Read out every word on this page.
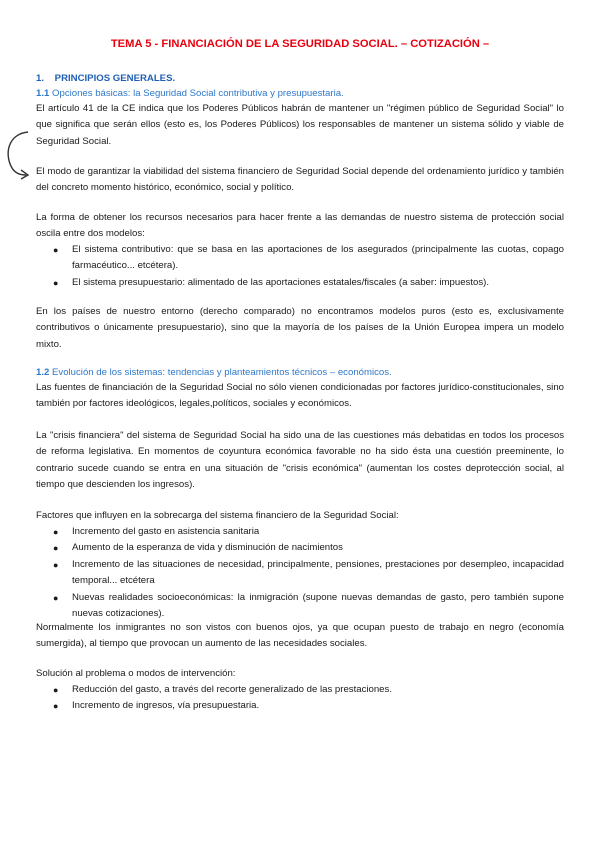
TEMA 5 - FINANCIACIÓN DE LA SEGURIDAD SOCIAL. – COTIZACIÓN –
1. PRINCIPIOS GENERALES.
1.1 Opciones básicas: la Seguridad Social contributiva y presupuestaria.
El artículo 41 de la CE indica que los Poderes Públicos habrán de mantener un "régimen público de Seguridad Social" lo que significa que serán ellos (esto es, los Poderes Públicos) los responsables de mantener un sistema sólido y viable de Seguridad Social.
El modo de garantizar la viabilidad del sistema financiero de Seguridad Social depende del ordenamiento jurídico y también del concreto momento histórico, económico, social y político.
La forma de obtener los recursos necesarios para hacer frente a las demandas de nuestro sistema de protección social oscila entre dos modelos:
● El sistema contributivo: que se basa en las aportaciones de los asegurados (principalmente las cuotas, copago farmacéutico... etcétera).
● El sistema presupuestario: alimentado de las aportaciones estatales/fiscales (a saber: impuestos).
En los países de nuestro entorno (derecho comparado) no encontramos modelos puros (esto es, exclusivamente contributivos o únicamente presupuestario), sino que la mayoría de los países de la Unión Europea impera un modelo mixto.
1.2 Evolución de los sistemas: tendencias y planteamientos técnicos – económicos.
Las fuentes de financiación de la Seguridad Social no sólo vienen condicionadas por factores jurídico-constitucionales, sino también por factores ideológicos, legales,políticos, sociales y económicos.
La "crisis financiera" del sistema de Seguridad Social ha sido una de las cuestiones más debatidas en todos los procesos de reforma legislativa. En momentos de coyuntura económica favorable no ha sido ésta una cuestión preeminente, lo contrario sucede cuando se entra en una situación de "crisis económica" (aumentan los costes deprotección social, al tiempo que descienden los ingresos).
Factores que influyen en la sobrecarga del sistema financiero de la Seguridad Social:
● Incremento del gasto en asistencia sanitaria
● Aumento de la esperanza de vida y disminución de nacimientos
● Incremento de las situaciones de necesidad, principalmente, pensiones, prestaciones por desempleo, incapacidad temporal... etcétera
● Nuevas realidades socioeconómicas: la inmigración (supone nuevas demandas de gasto, pero también supone nuevas cotizaciones).
Normalmente los inmigrantes no son vistos con buenos ojos, ya que ocupan puesto de trabajo en negro (economía sumergida), al tiempo que provocan un aumento de las necesidades sociales.
Solución al problema o modos de intervención:
● Reducción del gasto, a través del recorte generalizado de las prestaciones.
● Incremento de ingresos, vía presupuestaria.
